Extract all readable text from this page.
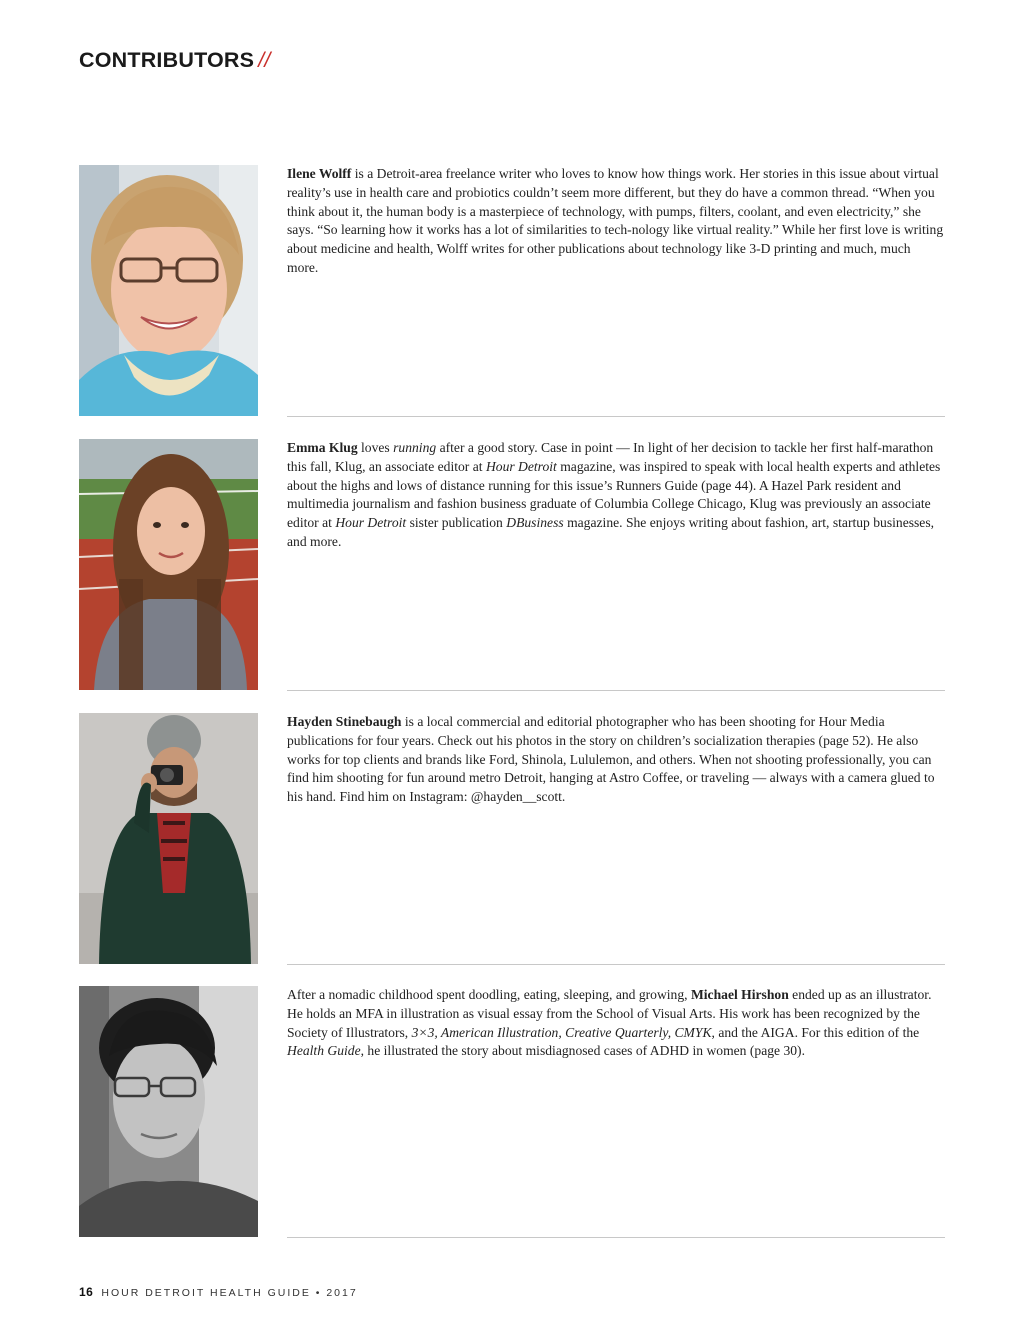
CONTRIBUTORS //
Ilene Wolff is a Detroit-area freelance writer who loves to know how things work. Her stories in this issue about virtual reality’s use in health care and probiotics couldn’t seem more different, but they do have a common thread. “When you think about it, the human body is a masterpiece of technology, with pumps, filters, coolant, and even electricity,” she says. “So learning how it works has a lot of similarities to tech-nology like virtual reality.” While her first love is writing about medicine and health, Wolff writes for other publications about technology like 3-D printing and much, much more.
Emma Klug loves running after a good story. Case in point — In light of her decision to tackle her first half-marathon this fall, Klug, an associate editor at Hour Detroit magazine, was inspired to speak with local health experts and athletes about the highs and lows of distance running for this issue’s Runners Guide (page 44). A Hazel Park resident and multimedia journalism and fashion business graduate of Columbia College Chicago, Klug was previously an associate editor at Hour Detroit sister publication DBusiness magazine. She enjoys writing about fashion, art, startup businesses, and more.
Hayden Stinebaugh is a local commercial and editorial photographer who has been shooting for Hour Media publications for four years. Check out his photos in the story on children’s socialization therapies (page 52). He also works for top clients and brands like Ford, Shinola, Lululemon, and others. When not shooting professionally, you can find him shooting for fun around metro Detroit, hanging at Astro Coffee, or traveling — always with a camera glued to his hand. Find him on Instagram: @hayden__scott.
After a nomadic childhood spent doodling, eating, sleeping, and growing, Michael Hirshon ended up as an illustrator. He holds an MFA in illustration as visual essay from the School of Visual Arts. His work has been recognized by the Society of Illustrators, 3×3, American Illustration, Creative Quarterly, CMYK, and the AIGA. For this edition of the Health Guide, he illustrated the story about misdiagnosed cases of ADHD in women (page 30).
16 HOUR DETROIT HEALTH GUIDE • 2017
